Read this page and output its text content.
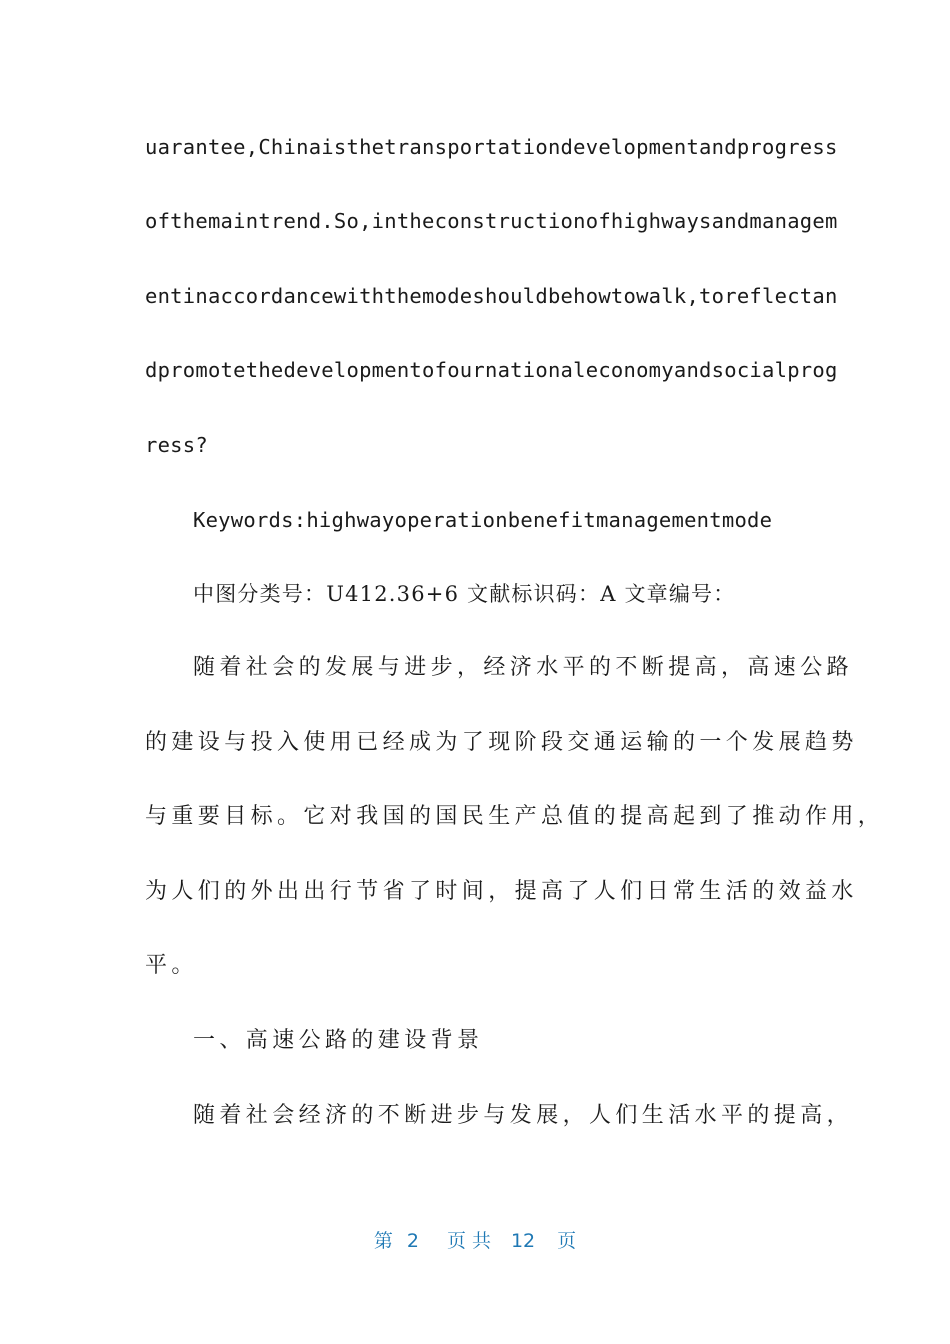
uarantee,Chinaisthetransportationdevelopmentandprogress
ofthemaintrend.So,intheconstructionofhighwaysandmanagem
entinaccordancewiththemodeshouldbehowtowalk,toreflectan
dpromotethedevelopmentofournationaleconomyandsocialprog
ress?
Keywords:highwayoperationbenefitmanagementmode
中图分类号：U412.36+6 文献标识码：A 文章编号：
随着社会的发展与进步，经济水平的不断提高，高速公路
的建设与投入使用已经成为了现阶段交通运输的一个发展趋势
与重要目标。它对我国的国民生产总值的提高起到了推动作用，
为人们的外出出行节省了时间，提高了人们日常生活的效益水
平。
一、高速公路的建设背景
随着社会经济的不断进步与发展，人们生活水平的提高，
第 2 页共 12 页
